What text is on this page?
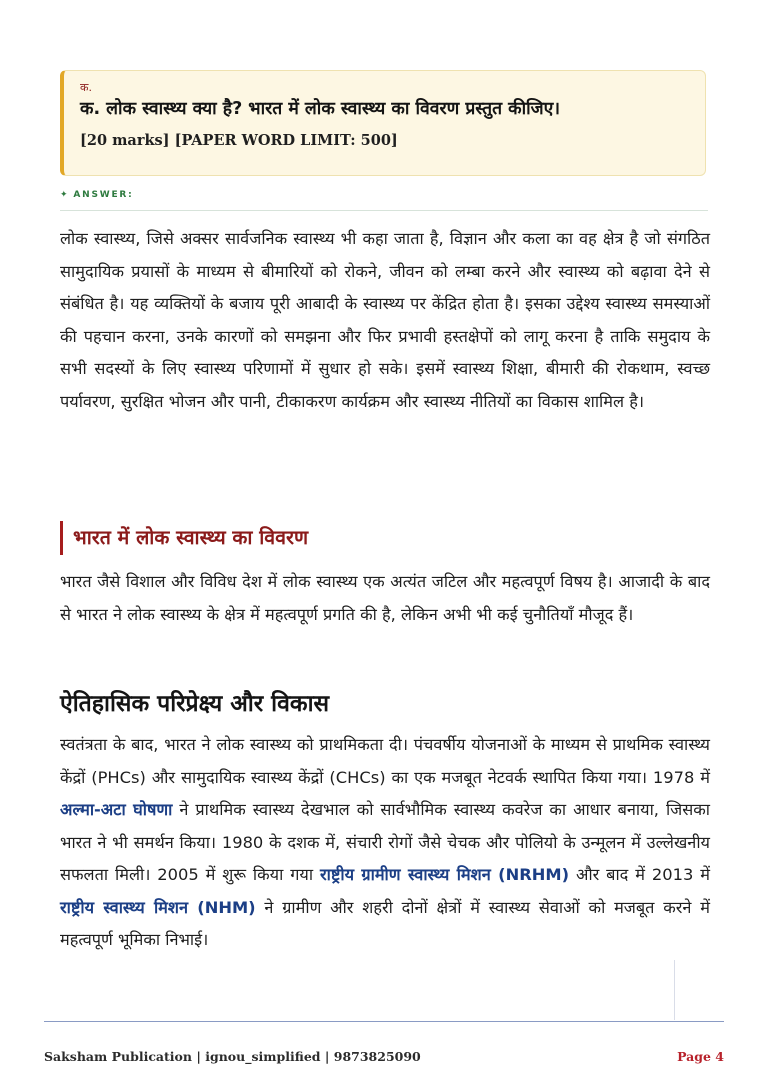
क.
क. लोक स्वास्थ्य क्या है? भारत में लोक स्वास्थ्य का विवरण प्रस्तुत कीजिए।
[20 marks] [PAPER WORD LIMIT: 500]
✦ ANSWER:

लोक स्वास्थ्य, जिसे अक्सर सार्वजनिक स्वास्थ्य भी कहा जाता है, विज्ञान और कला का वह क्षेत्र है जो संगठित सामुदायिक प्रयासों के माध्यम से बीमारियों को रोकने, जीवन को लम्बा करने और स्वास्थ्य को बढ़ावा देने से संबंधित है। यह व्यक्तियों के बजाय पूरी आबादी के स्वास्थ्य पर केंद्रित होता है। इसका उद्देश्य स्वास्थ्य समस्याओं की पहचान करना, उनके कारणों को समझना और फिर प्रभावी हस्तक्षेपों को लागू करना है ताकि समुदाय के सभी सदस्यों के लिए स्वास्थ्य परिणामों में सुधार हो सके। इसमें स्वास्थ्य शिक्षा, बीमारी की रोकथाम, स्वच्छ पर्यावरण, सुरक्षित भोजन और पानी, टीकाकरण कार्यक्रम और स्वास्थ्य नीतियों का विकास शामिल है।

भारत में लोक स्वास्थ्य का विवरण

भारत जैसे विशाल और विविध देश में लोक स्वास्थ्य एक अत्यंत जटिल और महत्वपूर्ण विषय है। आजादी के बाद से भारत ने लोक स्वास्थ्य के क्षेत्र में महत्वपूर्ण प्रगति की है, लेकिन अभी भी कई चुनौतियाँ मौजूद हैं।

ऐतिहासिक परिप्रेक्ष्य और विकास

स्वतंत्रता के बाद, भारत ने लोक स्वास्थ्य को प्राथमिकता दी। पंचवर्षीय योजनाओं के माध्यम से प्राथमिक स्वास्थ्य केंद्रों (PHCs) और सामुदायिक स्वास्थ्य केंद्रों (CHCs) का एक मजबूत नेटवर्क स्थापित किया गया। 1978 में अल्मा-अटा घोषणा ने प्राथमिक स्वास्थ्य देखभाल को सार्वभौमिक स्वास्थ्य कवरेज का आधार बनाया, जिसका भारत ने भी समर्थन किया। 1980 के दशक में, संचारी रोगों जैसे चेचक और पोलियो के उन्मूलन में उल्लेखनीय सफलता मिली। 2005 में शुरू किया गया राष्ट्रीय ग्रामीण स्वास्थ्य मिशन (NRHM) और बाद में 2013 में राष्ट्रीय स्वास्थ्य मिशन (NHM) ने ग्रामीण और शहरी दोनों क्षेत्रों में स्वास्थ्य सेवाओं को मजबूत करने में महत्वपूर्ण भूमिका निभाई।

Saksham Publication | ignou_simplified | 9873825090	Page 4
